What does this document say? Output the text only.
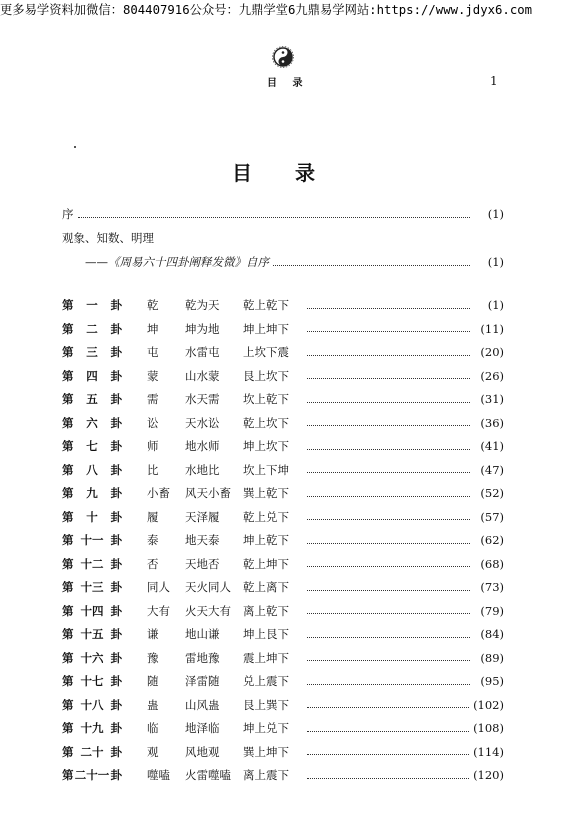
更多易学资料加微信：804407916公众号：九鼎学堂6九鼎易学网站:https://www.jdyx6.com
目 录	1
目 录
序	(1)
观象、知数、明理
——《周易六十四卦阐释发微》自序	(1)
第 一 卦 乾	乾为天	乾上乾下	(1)
第 二 卦 坤	坤为地	坤上坤下	(11)
第 三 卦 屯	水雷屯	上坎下震	(20)
第 四 卦 蒙	山水蒙	艮上坎下	(26)
第 五 卦 需	水天需	坎上乾下	(31)
第 六 卦 讼	天水讼	乾上坎下	(36)
第 七 卦 师	地水师	坤上坎下	(41)
第 八 卦 比	水地比	坎上下坤	(47)
第 九 卦 小畜	风天小畜	巽上乾下	(52)
第 十 卦 履	天泽履	乾上兑下	(57)
第 十一 卦 泰	地天泰	坤上乾下	(62)
第 十二 卦 否	天地否	乾上坤下	(68)
第 十三 卦 同人	天火同人	乾上离下	(73)
第 十四 卦 大有	火天大有	离上乾下	(79)
第 十五 卦 谦	地山谦	坤上艮下	(84)
第 十六 卦 豫	雷地豫	震上坤下	(89)
第 十七 卦 随	泽雷随	兑上震下	(95)
第 十八 卦 蛊	山风蛊	艮上巽下	(102)
第 十九 卦 临	地泽临	坤上兑下	(108)
第 二十 卦 观	风地观	巽上坤下	(114)
第 二十一 卦 噬嗑	火雷噬嗑	离上震下	(120)
